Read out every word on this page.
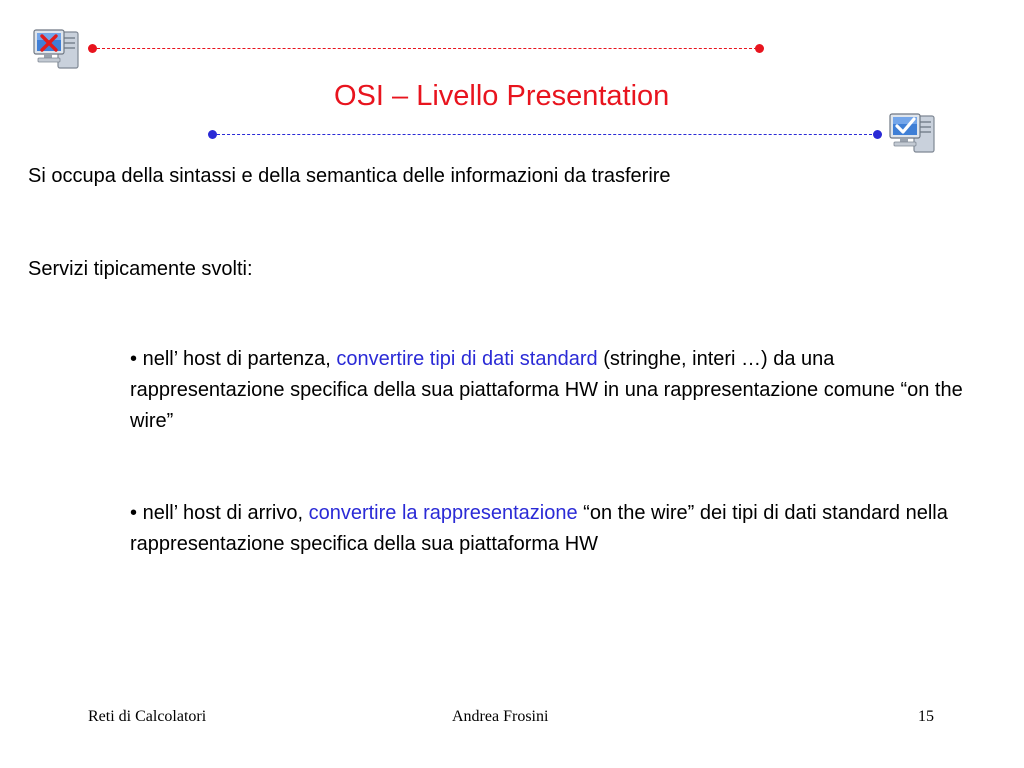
OSI – Livello Presentation
Si occupa della sintassi e della semantica delle informazioni da trasferire
Servizi tipicamente svolti:
• nell’ host di partenza, convertire tipi di dati standard (stringhe, interi …) da una rappresentazione specifica della sua piattaforma HW in una rappresentazione comune “on the wire”
• nell’ host di arrivo, convertire la rappresentazione “on the wire” dei tipi di dati standard nella rappresentazione specifica della sua piattaforma HW
Reti di Calcolatori	Andrea Frosini	15
